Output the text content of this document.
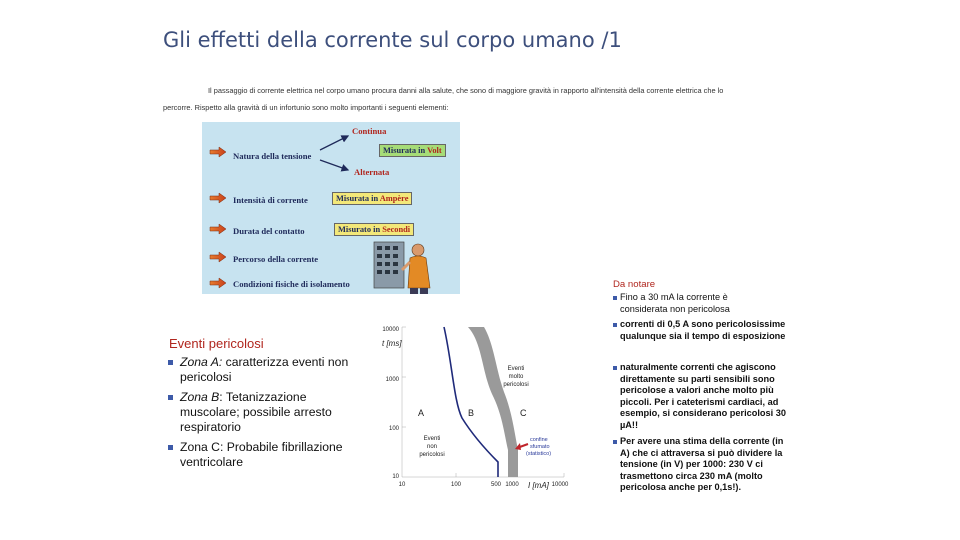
Gli effetti della corrente sul corpo umano /1
Il passaggio di corrente elettrica nel corpo umano procura danni alla salute, che sono di maggiore gravità in rapporto all'intensità della corrente elettrica che lo
percorre. Rispetto alla gravità di un infortunio sono molto importanti i seguenti elementi:
Continua
Natura della tensione
Misurata in Volt
Alternata
Intensità di corrente	Misurata in Ampère
Durata del contatto	Misurato in Secondi
Percorso della corrente
Condizioni fisiche di isolamento
Eventi pericolosi
Zona A: caratterizza eventi non pericolosi
Zona B: Tetanizzazione muscolare; possibile arresto respiratorio
Zona C: Probabile fibrillazione ventricolare
10000
1000
100
10
t [ms]
10	100	500 1000	10000
I [mA]
A	B	C
Eventi
molto
pericolosi
Eventi
non
pericolosi
confine
sfumato
(statistico)
Da notare
Fino a 30 mA la corrente è considerata non pericolosa
correnti di 0,5 A sono pericolosissime qualunque sia il tempo di esposizione
naturalmente correnti che agiscono direttamente su parti sensibili sono pericolose a valori anche molto più piccoli. Per i cateterismi cardiaci, ad esempio, si considerano pericolosi 30 µA!!
Per avere una stima della corrente (in A) che ci attraversa si può dividere la tensione (in V) per 1000: 230 V ci trasmettono circa 230 mA (molto pericolosa anche per 0,1s!).
